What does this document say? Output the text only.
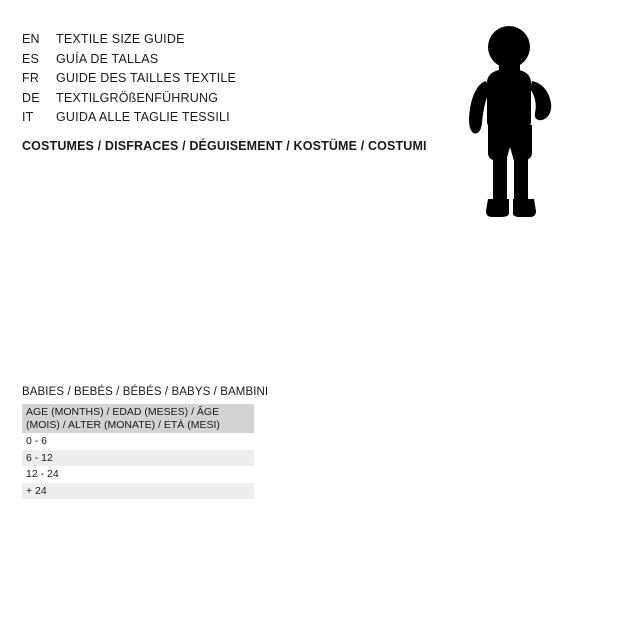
EN	TEXTILE SIZE GUIDE
ES	GUÍA DE TALLAS
FR	GUIDE DES TAILLES TEXTILE
DE	TEXTILGRÖßENFÜHRUNG
IT	GUIDA ALLE TAGLIE TESSILI
COSTUMES / DISFRACES / DÉGUISEMENT / KOSTÜME / COSTUMI
BABIES / BEBÉS / BÉBÉS / BABYS / BAMBINI
AGE (MONTHS) / EDAD (MESES) / ÂGE (MOIS) / ALTER (MONATE) / ETÀ (MESI)
0 - 6
6 - 12
12 - 24
+ 24
